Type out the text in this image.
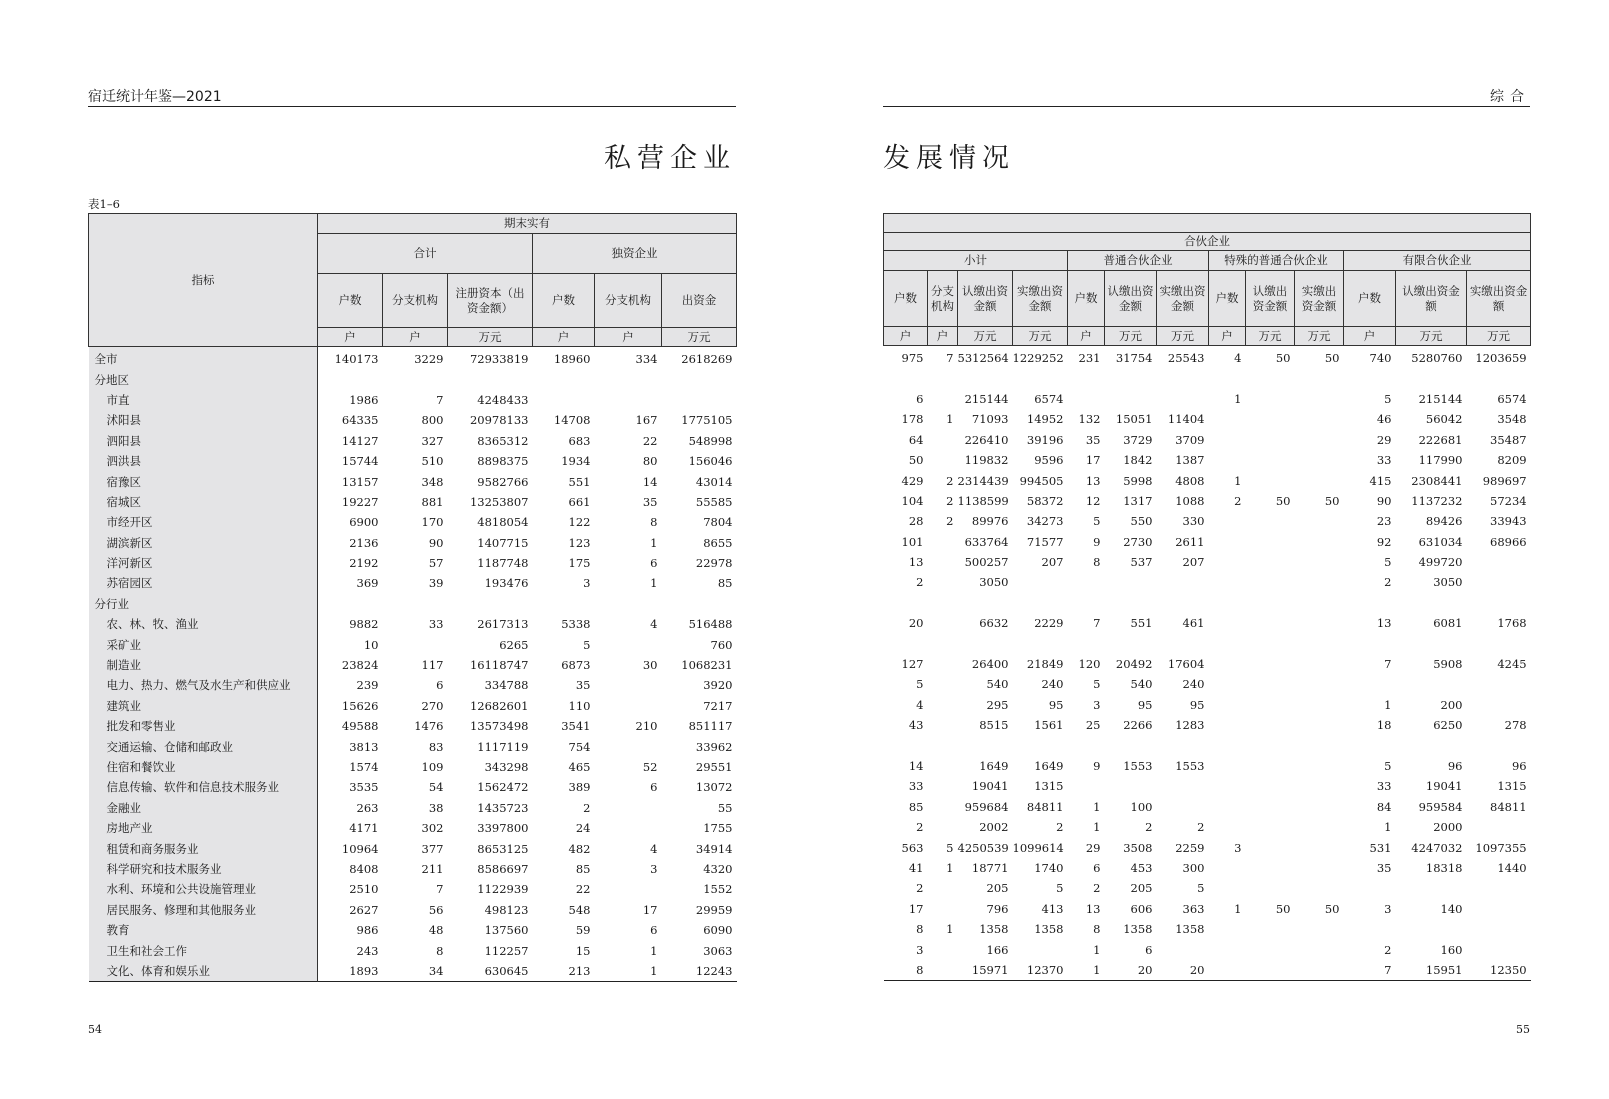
宿迁统计年鉴—2021
私营企业
表1–6
指标	期末实有					
	合计			独资企业		
	户数	分支机构	注册资本（出资金额）	户数	分支机构	出资金
	户	户	万元	户	户	万元
全市	140173	3229	72933819	18960	334	2618269
分地区						
市直	1986	7	4248433			
沭阳县	64335	800	20978133	14708	167	1775105
泗阳县	14127	327	8365312	683	22	548998
泗洪县	15744	510	8898375	1934	80	156046
宿豫区	13157	348	9582766	551	14	43014
宿城区	19227	881	13253807	661	35	55585
市经开区	6900	170	4818054	122	8	7804
湖滨新区	2136	90	1407715	123	1	8655
洋河新区	2192	57	1187748	175	6	22978
苏宿园区	369	39	193476	3	1	85
分行业						
农、林、牧、渔业	9882	33	2617313	5338	4	516488
采矿业	10		6265	5		760
制造业	23824	117	16118747	6873	30	1068231
电力、热力、燃气及水生产和供应业	239	6	334788	35		3920
建筑业	15626	270	12682601	110		7217
批发和零售业	49588	1476	13573498	3541	210	851117
交通运输、仓储和邮政业	3813	83	1117119	754		33962
住宿和餐饮业	1574	109	343298	465	52	29551
信息传输、软件和信息技术服务业	3535	54	1562472	389	6	13072
金融业	263	38	1435723	2		55
房地产业	4171	302	3397800	24		1755
租赁和商务服务业	10964	377	8653125	482	4	34914
科学研究和技术服务业	8408	211	8586697	85	3	4320
水利、环境和公共设施管理业	2510	7	1122939	22		1552
居民服务、修理和其他服务业	2627	56	498123	548	17	29959
教育	986	48	137560	59	6	6090
卫生和社会工作	243	8	112257	15	1	3063
文化、体育和娱乐业	1893	34	630645	213	1	12243
54
综合
发展情况

合伙企业												
小计				普通合伙企业			特殊的普通合伙企业			有限合伙企业		
户数	分支机构	认缴出资金额	实缴出资金额	户数	认缴出资金额	实缴出资金额	户数	认缴出资金额	实缴出资金额	户数	认缴出资金额	实缴出资金额
户	户	万元	万元	户	万元	万元	户	万元	万元	户	万元	万元
975	7	5312564	1229252	231	31754	25543	4	50	50	740	5280760	1203659

6		215144	6574				1			5	215144	6574
178	1	71093	14952	132	15051	11404				46	56042	3548
64		226410	39196	35	3729	3709				29	222681	35487
50		119832	9596	17	1842	1387				33	117990	8209
429	2	2314439	994505	13	5998	4808	1			415	2308441	989697
104	2	1138599	58372	12	1317	1088	2	50	50	90	1137232	57234
28	2	89976	34273	5	550	330				23	89426	33943
101		633764	71577	9	2730	2611				92	631034	68966
13		500257	207	8	537	207				5	499720	
2		3050								2	3050	

20		6632	2229	7	551	461				13	6081	1768

127		26400	21849	120	20492	17604				7	5908	4245
5		540	240	5	540	240						
4		295	95	3	95	95				1	200	
43		8515	1561	25	2266	1283				18	6250	278

14		1649	1649	9	1553	1553				5	96	96
33		19041	1315							33	19041	1315
85		959684	84811	1	100					84	959584	84811
2		2002	2	1	2	2				1	2000	
563	5	4250539	1099614	29	3508	2259	3			531	4247032	1097355
41	1	18771	1740	6	453	300				35	18318	1440
2		205	5	2	205	5						
17		796	413	13	606	363	1	50	50	3	140	
8	1	1358	1358	8	1358	1358						
3		166		1	6					2	160	
8		15971	12370	1	20	20				7	15951	12350
55
